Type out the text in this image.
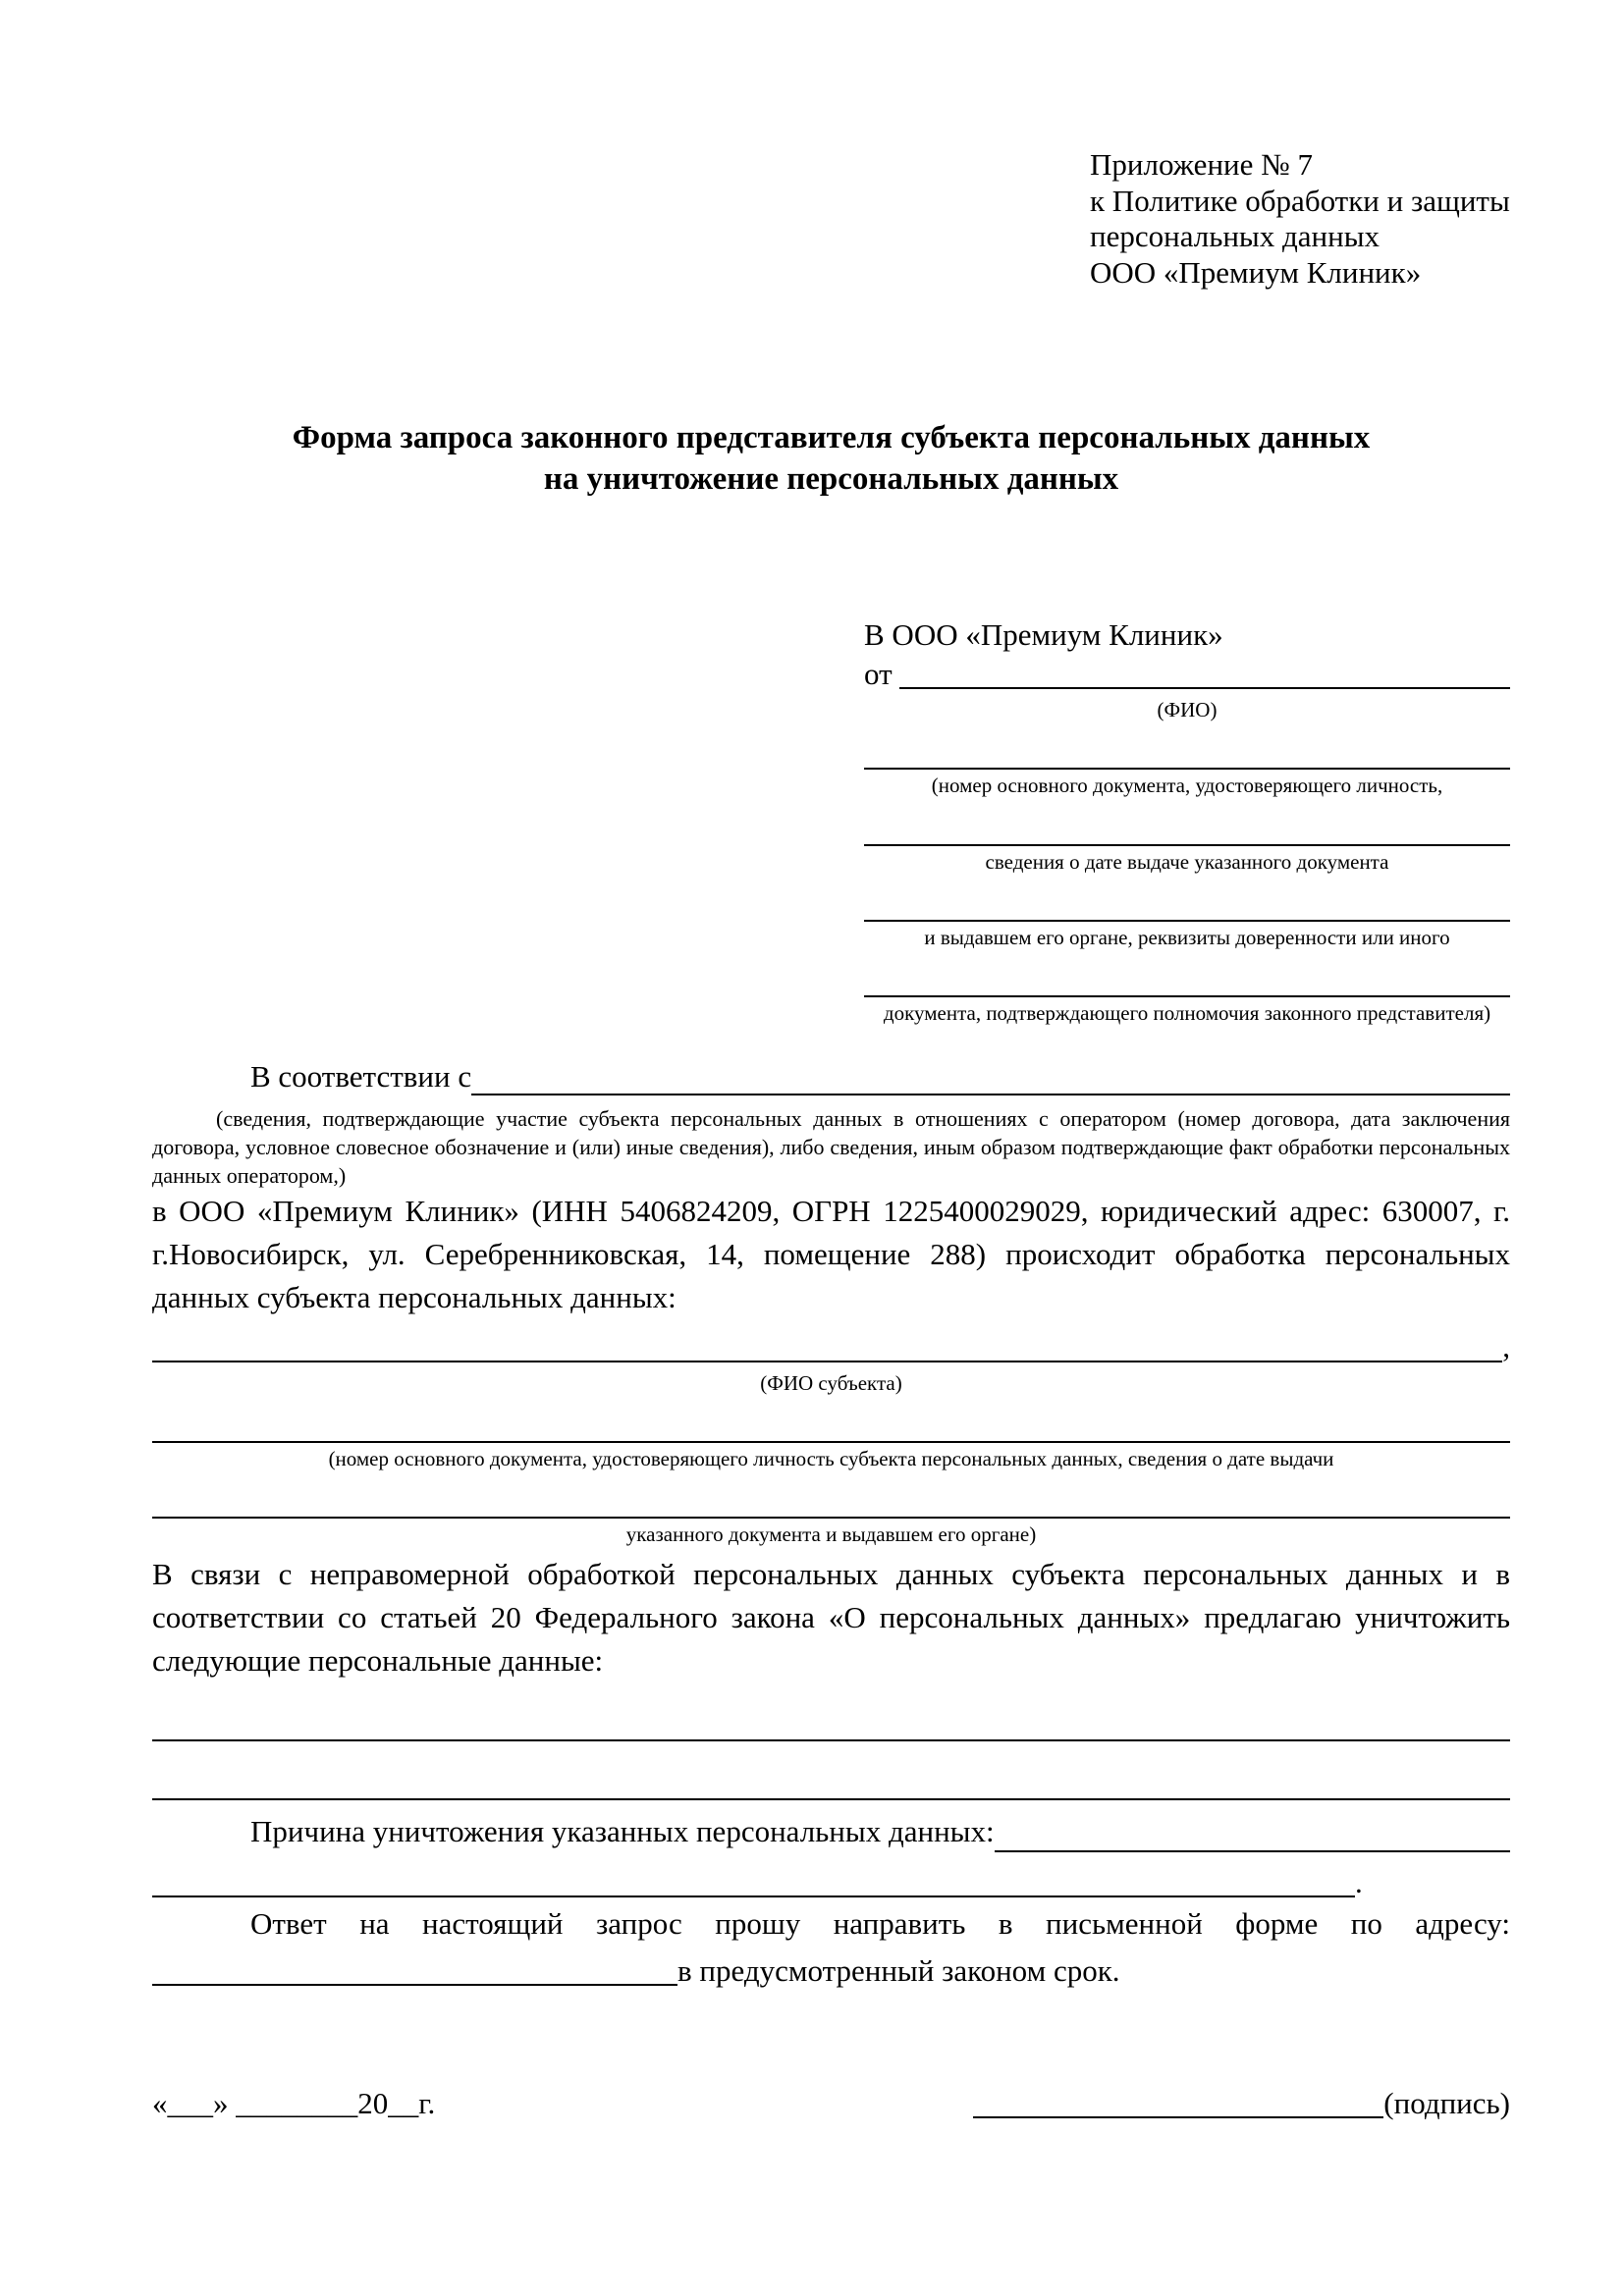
Приложение № 7
к Политике обработки и защиты
персональных данных
ООО «Премиум Клиник»
Форма запроса законного представителя субъекта персональных данных
на уничтожение персональных данных
В ООО «Премиум Клиник»
от
(ФИО)
(номер основного документа, удостоверяющего личность,
сведения о дате выдаче указанного документа
и выдавшем его органе, реквизиты доверенности или иного
документа, подтверждающего полномочия законного представителя)
В соответствии с
(сведения, подтверждающие участие субъекта персональных данных в отношениях с оператором (номер договора, дата заключения договора, условное словесное обозначение и (или) иные сведения), либо сведения, иным образом подтверждающие факт обработки персональных данных оператором,)
в ООО «Премиум Клиник» (ИНН 5406824209, ОГРН 1225400029029, юридический адрес: 630007, г. г.Новосибирск, ул. Серебренниковская, 14, помещение 288) происходит обработка персональных данных субъекта персональных данных:
,
(ФИО субъекта)
(номер основного документа, удостоверяющего личность субъекта персональных данных, сведения о дате выдачи
указанного документа и выдавшем его органе)
В связи с неправомерной обработкой персональных данных субъекта персональных данных и в соответствии со статьей 20 Федерального закона «О персональных данных» предлагаю уничтожить следующие персональные данные:
Причина уничтожения указанных персональных данных:
.
Ответ на настоящий запрос прошу направить в письменной форме по адресу:
в предусмотренный законом срок.
«___» ________20__г.	(подпись)
